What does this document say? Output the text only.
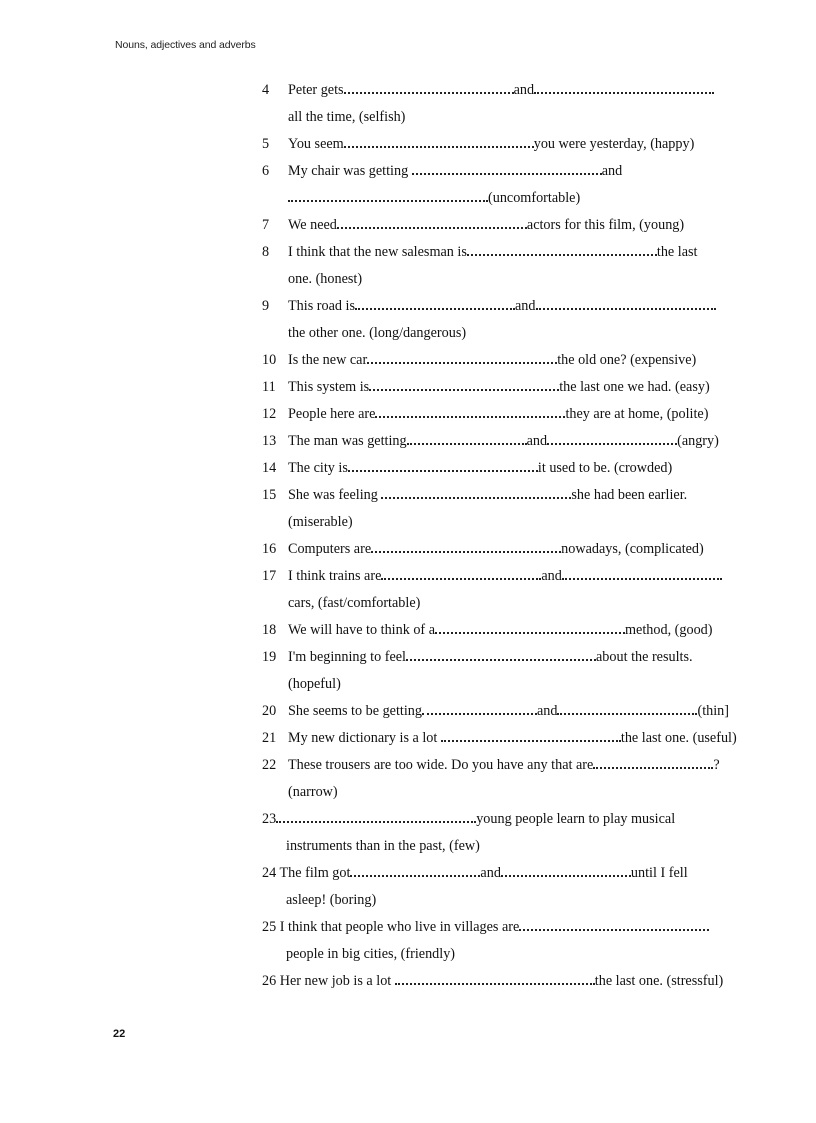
Nouns, adjectives and adverbs
4 Peter gets	and
all the time, (selfish)
5 You seem	you were yesterday, (happy)
6 My chair was getting	and
(uncomfortable)
7 We need	actors for this film, (young)
8 I think that the new salesman is	the last
one. (honest)
9 This road is	and
the other one. (long/dangerous)
10 Is the new car	the old one? (expensive)
11 This system is	the last one we had. (easy)
12 People here are	they are at home, (polite)
13 The man was getting	and	(angry)
14 The city is	it used to be. (crowded)
15 She was feeling	she had been earlier.
(miserable)
16 Computers are	nowadays, (complicated)
17 I think trains are	and
cars, (fast/comfortable)
18 We will have to think of a	method, (good)
19 I'm beginning to feel	about the results.
(hopeful)
20 She seems to be getting	and	(thin]
21 My new dictionary is a lot	the last one. (useful)
22 These trousers are too wide. Do you have any that are	?
(narrow)
23	young people learn to play musical
instruments than in the past, (few)
24 The film got	and	until I fell
asleep! (boring)
25 I think that people who live in villages are
people in big cities, (friendly)
26 Her new job is a lot	the last one. (stressful)
22
